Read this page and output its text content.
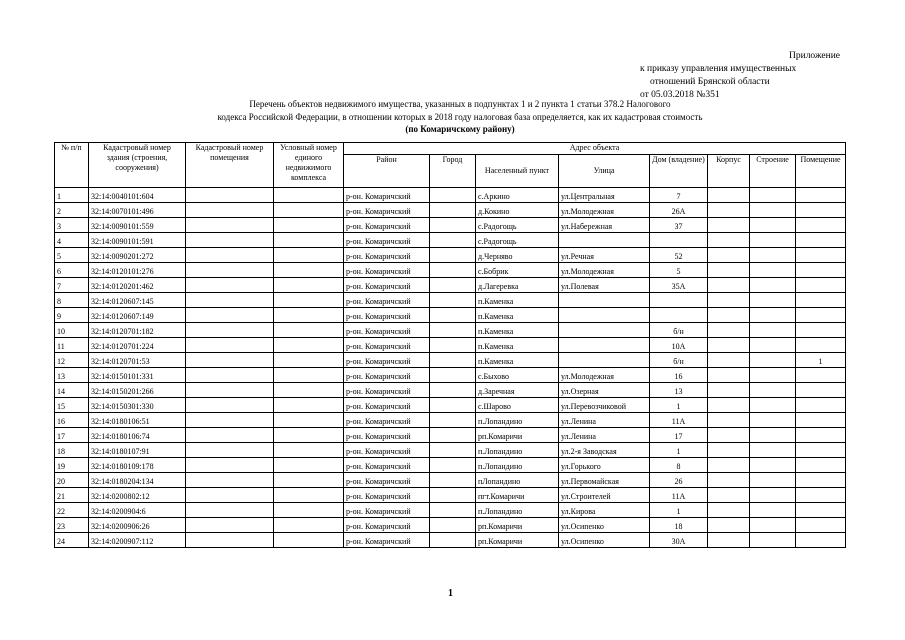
Приложение
к приказу управления имущественных
отношений Брянской области
от 05.03.2018 №351
Перечень объектов недвижимого имущества, указанных в подпунктах 1 и 2 пункта 1 статьи 378.2 Налогового
кодекса Российской Федерации, в отношении которых в 2018 году налоговая база определяется, как их кадастровая стоимость
(по Комаричскому району)
№ п/п	Кадастровый номер здания (строения, сооружения)	Кадастровый номер помещения	Условный номер единого недвижимого комплекса	Адрес объекта							
				Район	Город	Населенный пункт	Улица	Дом (владение)	Корпус	Строение	Помещение
1	32:14:0040101:604			р-он. Комаричский		с.Аркино	ул.Центральная	7			
2	32:14:0070101:496			р-он. Комаричский		д.Кокино	ул.Молодежная	26А			
3	32:14:0090101:559			р-он. Комаричский		с.Радогощь	ул.Набережная	37			
4	32:14:0090101:591			р-он. Комаричский		с.Радогощь					
5	32:14:0090201:272			р-он. Комаричский		д.Черняво	ул.Речная	52			
6	32:14:0120101:276			р-он. Комаричский		с.Бобрик	ул.Молодежная	5			
7	32:14:0120201:462			р-он. Комаричский		д.Лагеревка	ул.Полевая	35А			
8	32:14:0120607:145			р-он. Комаричский		п.Каменка					
9	32:14:0120607:149			р-он. Комаричский		п.Каменка					
10	32:14:0120701:182			р-он. Комаричский		п.Каменка		б/н			
11	32:14:0120701:224			р-он. Комаричский		п.Каменка		10А			
12	32:14:0120701:53			р-он. Комаричский		п.Каменка		б/н			1
13	32:14:0150101:331			р-он. Комаричский		с.Быхово	ул.Молодежная	16			
14	32:14:0150201:266			р-он. Комаричский		д.Заречная	ул.Озерная	13			
15	32:14:0150301:330			р-он. Комаричский		с.Шарово	ул.Перевозчиковой	1			
16	32:14:0180106:51			р-он. Комаричский		п.Лопандино	ул.Ленина	11А			
17	32:14:0180106:74			р-он. Комаричский		рп.Комаричи	ул.Ленина	17			
18	32:14:0180107:91			р-он. Комаричский		п.Лопандино	ул.2-я Заводская	1			
19	32:14:0180109:178			р-он. Комаричский		п.Лопандино	ул.Горького	8			
20	32:14:0180204:134			р-он. Комаричский		пЛопандино	ул.Первомайская	26			
21	32:14:0200802:12			р-он. Комаричский		пгт.Комаричи	ул.Строителей	11А			
22	32:14:0200904:6			р-он. Комаричский		п.Лопандино	ул.Кирова	1			
23	32:14:0200906:26			р-он. Комаричский		рп.Комаричи	ул.Осипенко	18			
24	32:14:0200907:112			р-он. Комаричский		рп.Комаричи	ул.Осипенко	30А			
1
